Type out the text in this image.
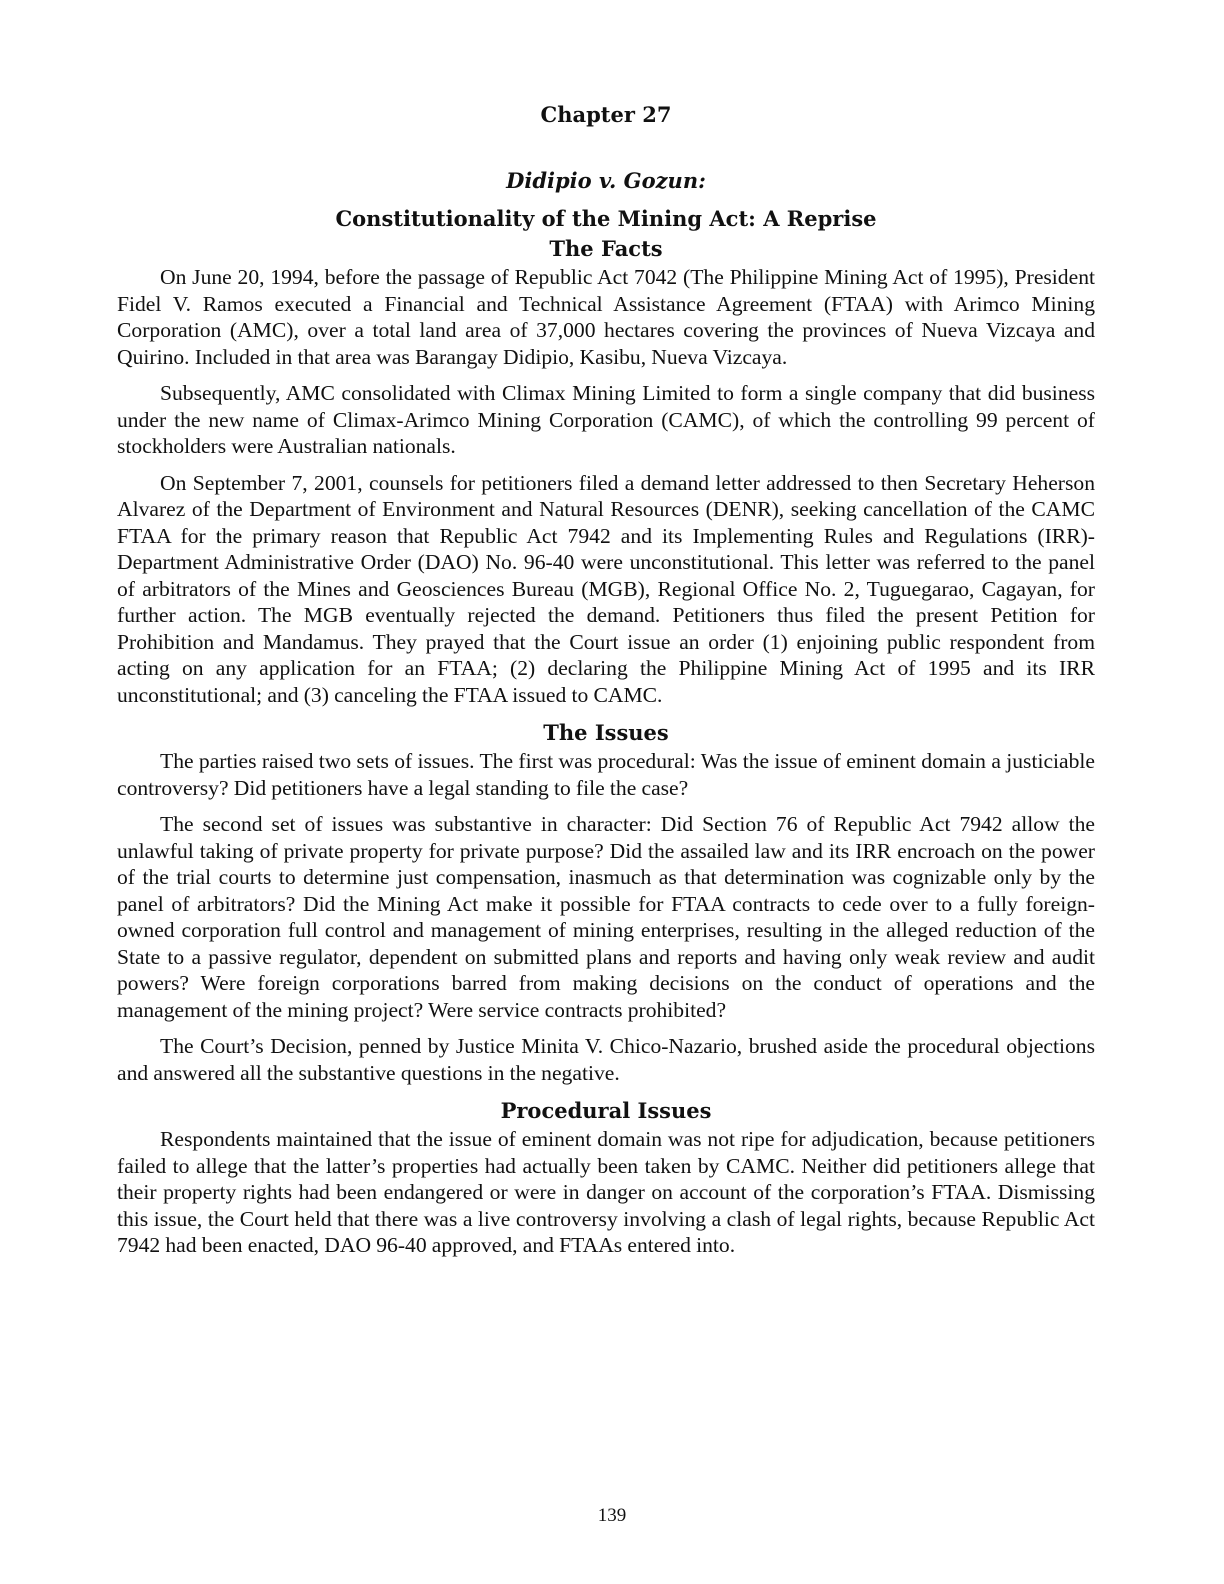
Chapter 27
Didipio v. Gozun:
Constitutionality of the Mining Act: A Reprise
The Facts

On June 20, 1994, before the passage of Republic Act 7042 (The Philippine Mining Act of 1995), President Fidel V. Ramos executed a Financial and Technical Assistance Agreement (FTAA) with Arimco Mining Corporation (AMC), over a total land area of 37,000 hectares covering the provinces of Nueva Vizcaya and Quirino. Included in that area was Barangay Didipio, Kasibu, Nueva Vizcaya.

Subsequently, AMC consolidated with Climax Mining Limited to form a single company that did business under the new name of Climax-Arimco Mining Corporation (CAMC), of which the controlling 99 percent of stockholders were Australian nationals.

On September 7, 2001, counsels for petitioners filed a demand letter addressed to then Secretary Heherson Alvarez of the Department of Environment and Natural Resources (DENR), seeking cancellation of the CAMC FTAA for the primary reason that Republic Act 7942 and its Implementing Rules and Regulations (IRR)- Department Administrative Order (DAO) No. 96-40 were unconstitutional. This letter was referred to the panel of arbitrators of the Mines and Geosciences Bureau (MGB), Regional Office No. 2, Tuguegarao, Cagayan, for further action. The MGB eventually rejected the demand. Petitioners thus filed the present Petition for Prohibition and Mandamus. They prayed that the Court issue an order (1) enjoining public respondent from acting on any application for an FTAA; (2) declaring the Philippine Mining Act of 1995 and its IRR unconstitutional; and (3) canceling the FTAA issued to CAMC.

The Issues

The parties raised two sets of issues. The first was procedural: Was the issue of eminent domain a justiciable controversy? Did petitioners have a legal standing to file the case?

The second set of issues was substantive in character: Did Section 76 of Republic Act 7942 allow the unlawful taking of private property for private purpose? Did the assailed law and its IRR encroach on the power of the trial courts to determine just compensation, inasmuch as that determination was cognizable only by the panel of arbitrators? Did the Mining Act make it possible for FTAA contracts to cede over to a fully foreign-owned corporation full control and management of mining enterprises, resulting in the alleged reduction of the State to a passive regulator, dependent on submitted plans and reports and having only weak review and audit powers? Were foreign corporations barred from making decisions on the conduct of operations and the management of the mining project? Were service contracts prohibited?

The Court’s Decision, penned by Justice Minita V. Chico-Nazario, brushed aside the procedural objections and answered all the substantive questions in the negative.

Procedural Issues

Respondents maintained that the issue of eminent domain was not ripe for adjudication, because petitioners failed to allege that the latter’s properties had actually been taken by CAMC. Neither did petitioners allege that their property rights had been endangered or were in danger on account of the corporation’s FTAA. Dismissing this issue, the Court held that there was a live controversy involving a clash of legal rights, because Republic Act 7942 had been enacted, DAO 96-40 approved, and FTAAs entered into.

139
